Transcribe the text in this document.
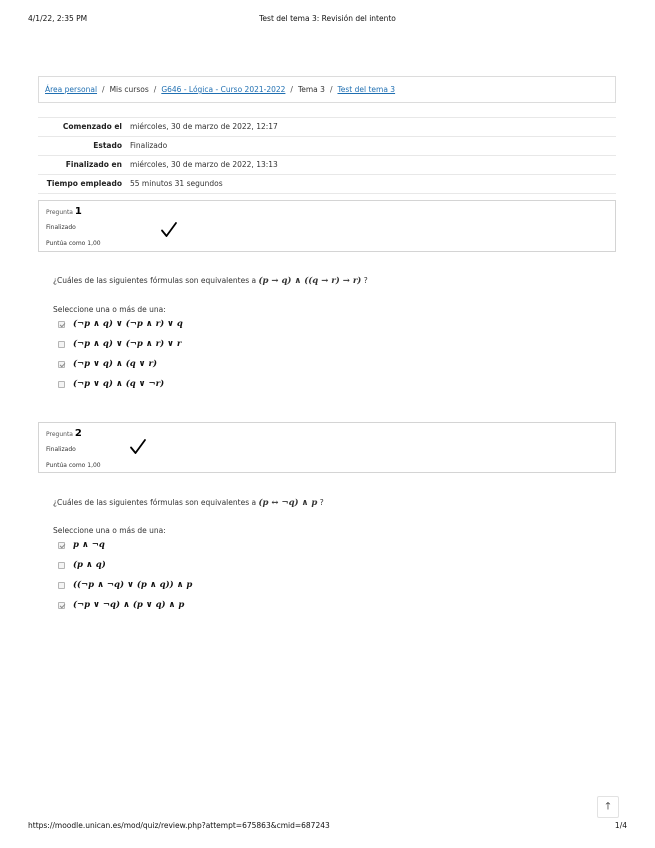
4/1/22, 2:35 PM	Test del tema 3: Revisión del intento
Área personal / Mis cursos / G646 - Lógica - Curso 2021-2022 / Tema 3 / Test del tema 3
Comenzado el	miércoles, 30 de marzo de 2022, 12:17
Estado	Finalizado
Finalizado en	miércoles, 30 de marzo de 2022, 13:13
Tiempo empleado	55 minutos 31 segundos
Pregunta 1
Finalizado
Puntúa como 1,00
¿Cuáles de las siguientes fórmulas son equivalentes a (p → q) ∧ ((q → r) → r) ?
Seleccione una o más de una:
(¬p ∧ q) ∨ (¬p ∧ r) ∨ q
(¬p ∧ q) ∨ (¬p ∧ r) ∨ r
(¬p ∨ q) ∧ (q ∨ r)
(¬p ∨ q) ∧ (q ∨ ¬r)
Pregunta 2
Finalizado
Puntúa como 1,00
¿Cuáles de las siguientes fórmulas son equivalentes a (p ↔ ¬q) ∧ p ?
Seleccione una o más de una:
p ∧ ¬q
(p ∧ q)
((¬p ∧ ¬q) ∨ (p ∧ q)) ∧ p
(¬p ∨ ¬q) ∧ (p ∨ q) ∧ p
🡑
https://moodle.unican.es/mod/quiz/review.php?attempt=675863&cmid=687243	1/4
